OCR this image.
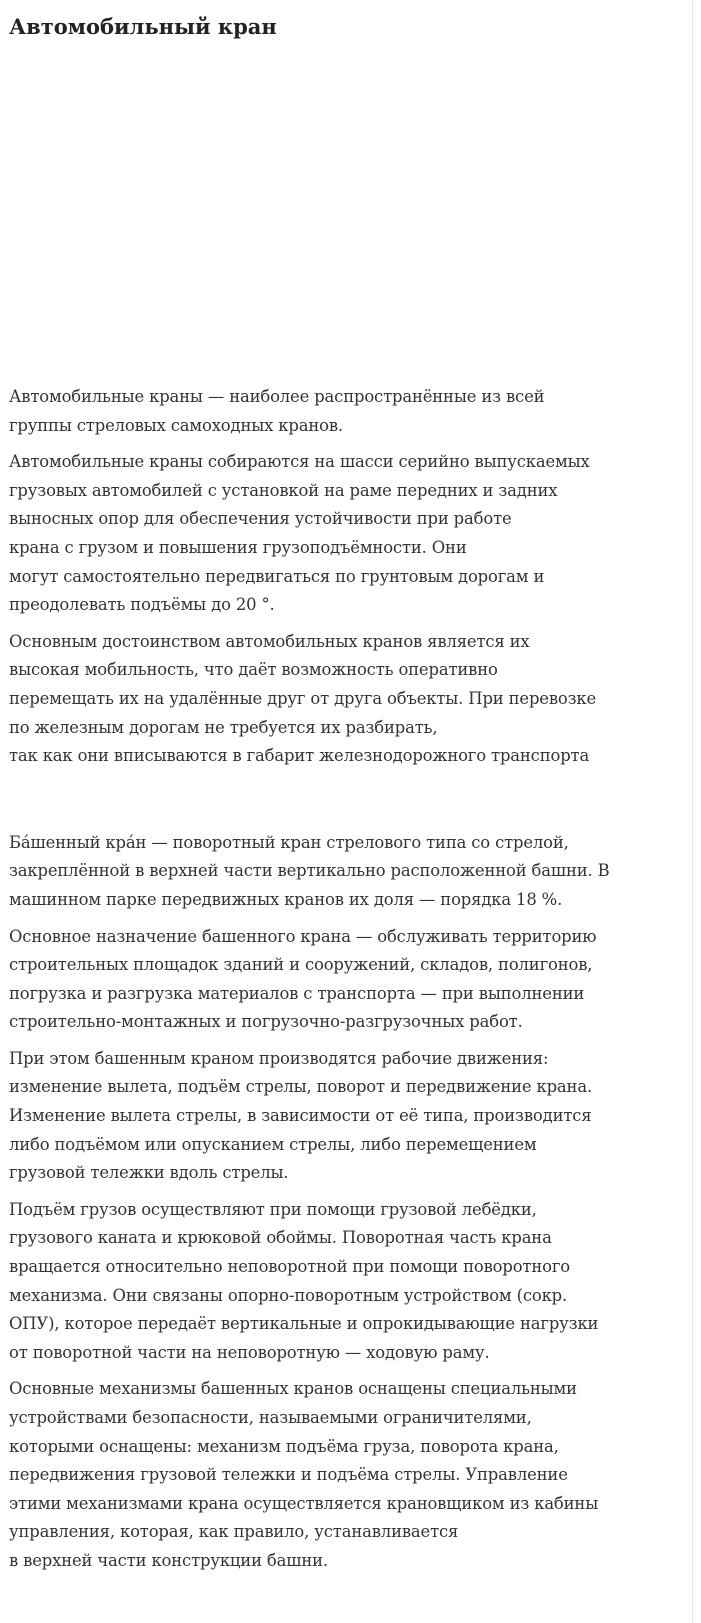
Автомобильный кран

Автомобильные краны — наиболее распространённые из всей
группы стреловых самоходных кранов.

Автомобильные краны собираются на шасси серийно выпускаемых
грузовых автомобилей с установкой на раме передних и задних
выносных опор для обеспечения устойчивости при работе
крана с грузом и повышения грузоподъёмности. Они
могут самостоятельно передвигаться по грунтовым дорогам и
преодолевать подъёмы до 20 °.

Основным достоинством автомобильных кранов является их
высокая мобильность, что даёт возможность оперативно
перемещать их на удалённые друг от друга объекты. При перевозке
по железным дорогам не требуется их разбирать,
так как они вписываются в габарит железнодорожного транспорта

Ба́шенный кра́н — поворотный кран стрелового типа со стрелой,
закреплённой в верхней части вертикально расположенной башни. В
машинном парке передвижных кранов их доля — порядка 18 %.

Основное назначение башенного крана — обслуживать территорию
строительных площадок зданий и сооружений, складов, полигонов,
погрузка и разгрузка материалов с транспорта — при выполнении
строительно-монтажных и погрузочно-разгрузочных работ.

При этом башенным краном производятся рабочие движения:
изменение вылета, подъём стрелы, поворот и передвижение крана.
Изменение вылета стрелы, в зависимости от её типа, производится
либо подъёмом или опусканием стрелы, либо перемещением
грузовой тележки вдоль стрелы.

Подъём грузов осуществляют при помощи грузовой лебёдки,
грузового каната и крюковой обоймы. Поворотная часть крана
вращается относительно неповоротной при помощи поворотного
механизма. Они связаны опорно-поворотным устройством (сокр.
ОПУ), которое передаёт вертикальные и опрокидывающие нагрузки
от поворотной части на неповоротную — ходовую раму.

Основные механизмы башенных кранов оснащены специальными
устройствами безопасности, называемыми ограничителями,
которыми оснащены: механизм подъёма груза, поворота крана,
передвижения грузовой тележки и подъёма стрелы. Управление
этими механизмами крана осуществляется крановщиком из кабины
управления, которая, как правило, устанавливается
в верхней части конструкции башни.
